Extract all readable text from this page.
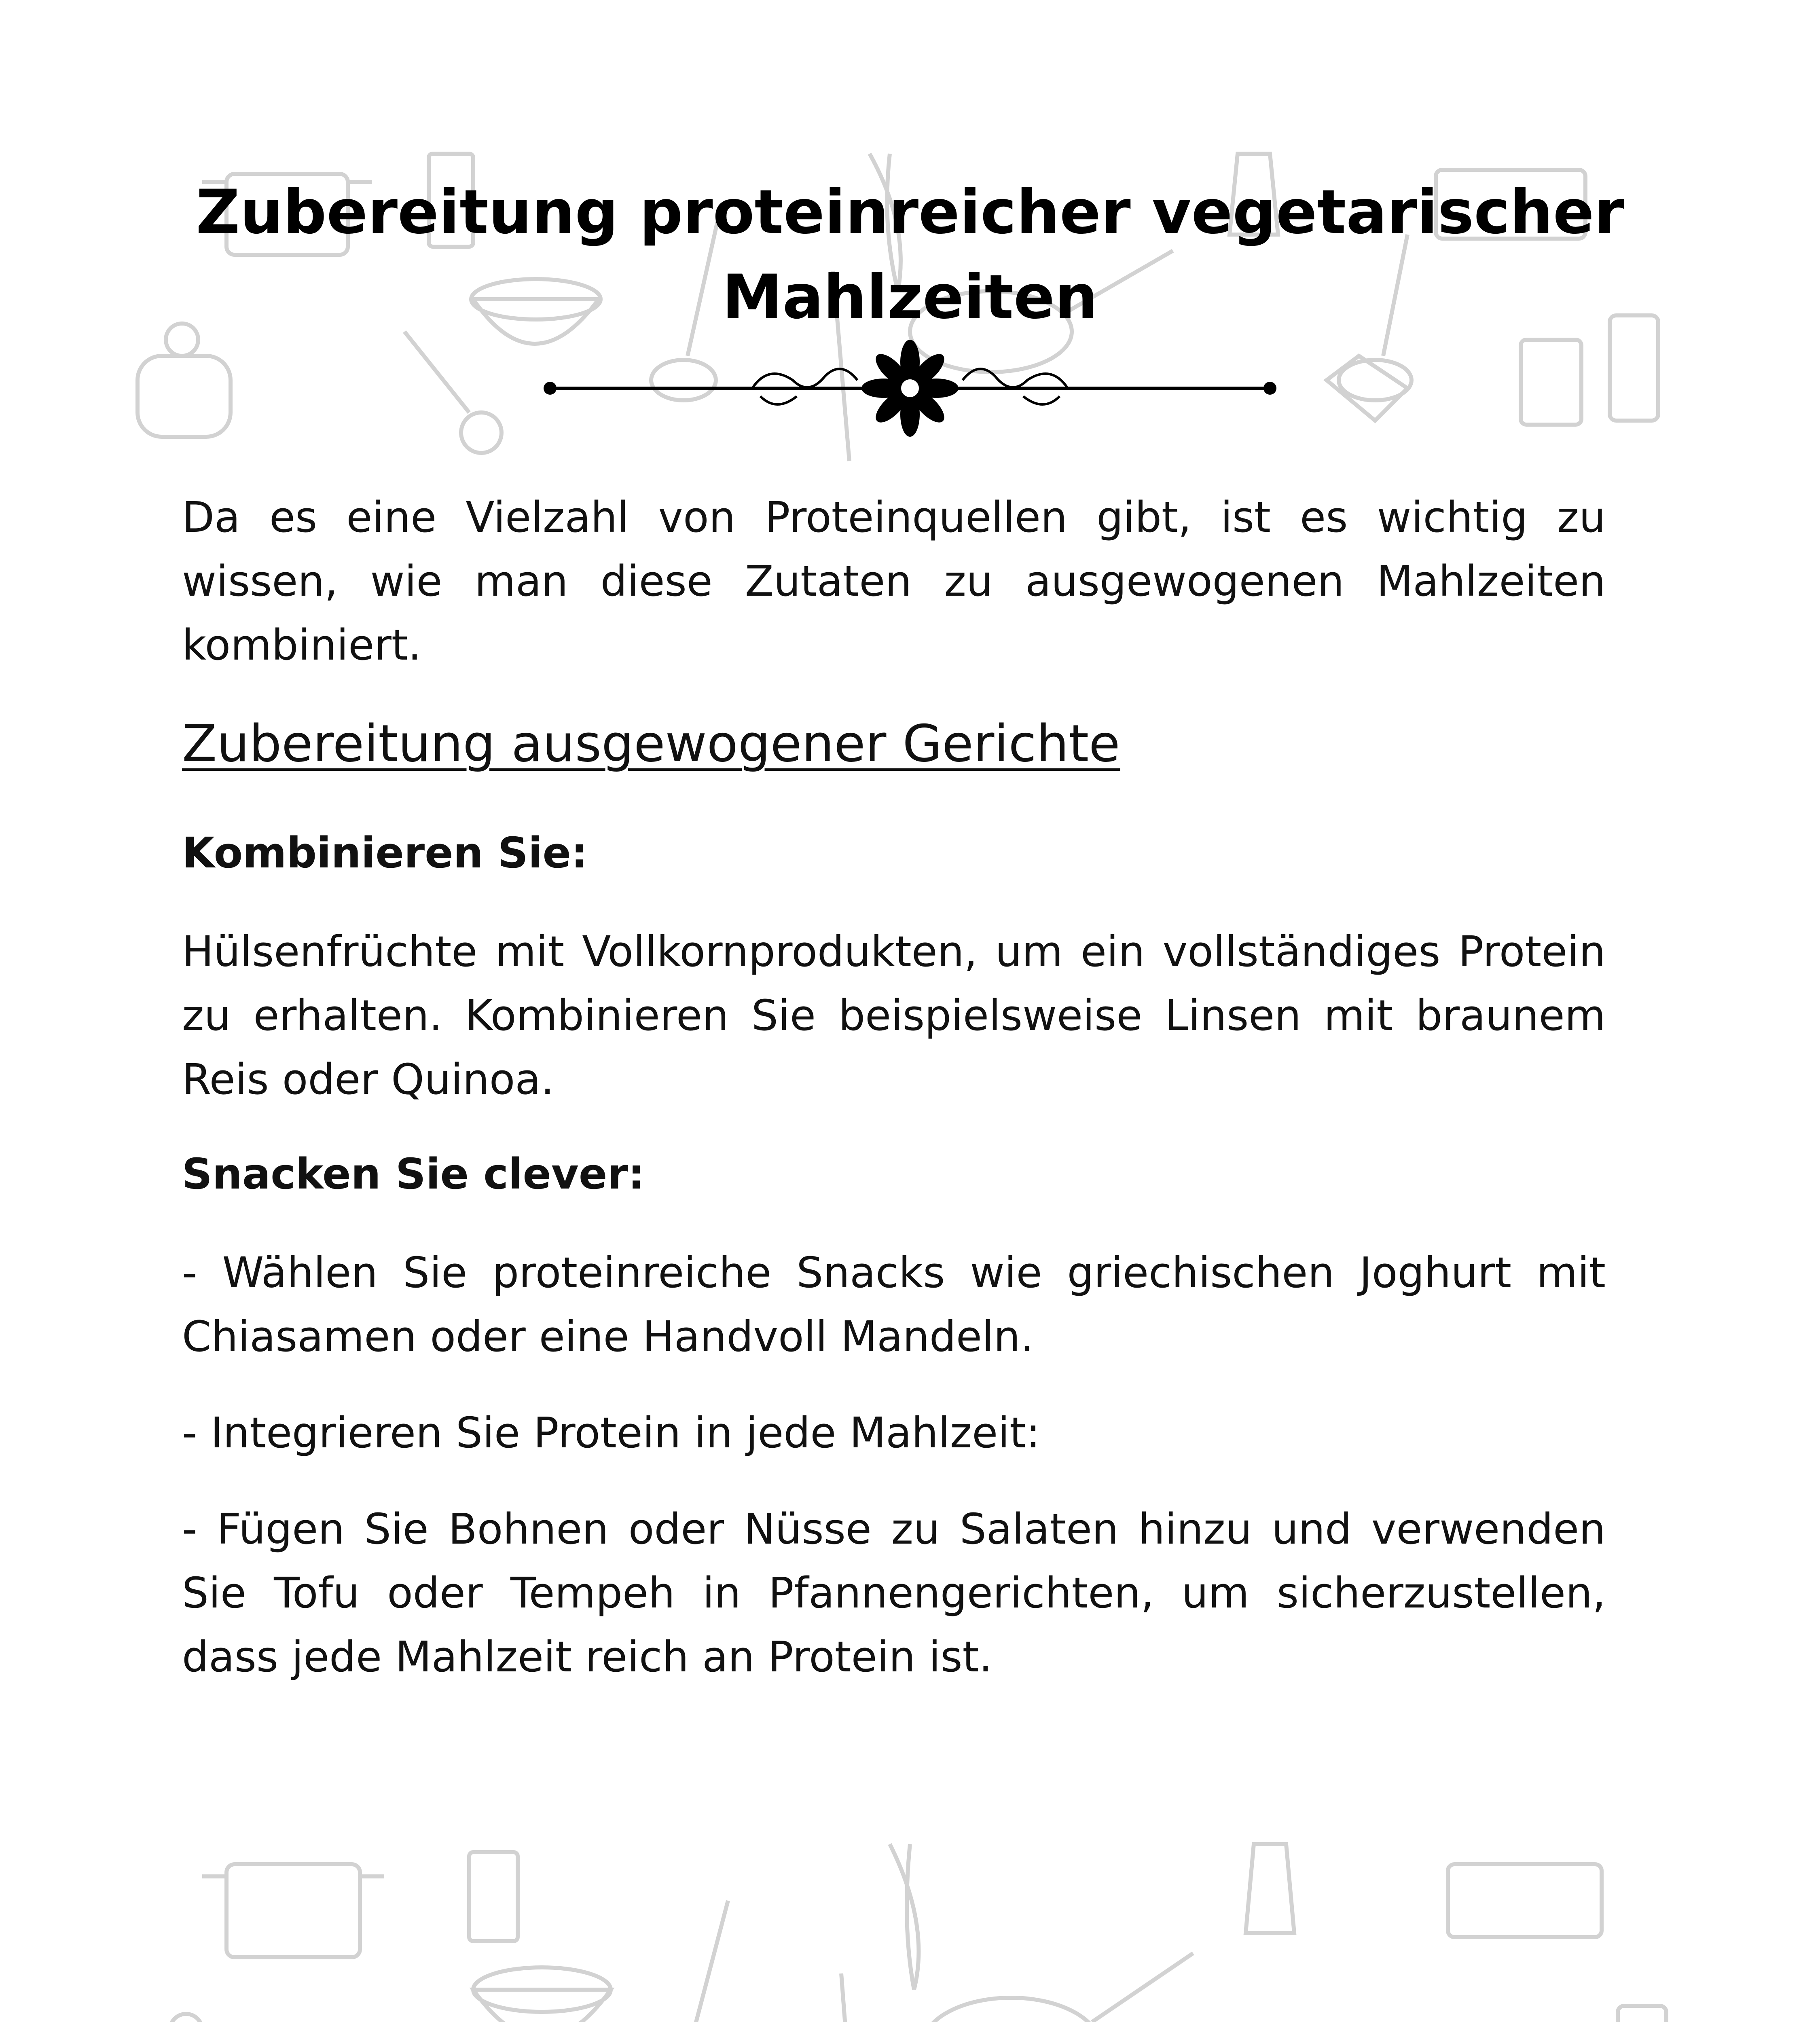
Zubereitung proteinreicher vegetarischer Mahlzeiten

Da es eine Vielzahl von Proteinquellen gibt, ist es wichtig zu wissen, wie man diese Zutaten zu ausgewogenen Mahlzeiten kombiniert.

Zubereitung ausgewogener Gerichte
Kombinieren Sie:

Hülsenfrüchte mit Vollkornprodukten, um ein vollständiges Protein zu erhalten. Kombinieren Sie beispielsweise Linsen mit braunem Reis oder Quinoa.

Snacken Sie clever:

- Wählen Sie proteinreiche Snacks wie griechischen Joghurt mit Chiasamen oder eine Handvoll Mandeln.

- Integrieren Sie Protein in jede Mahlzeit:

- Fügen Sie Bohnen oder Nüsse zu Salaten hinzu und verwenden Sie Tofu oder Tempeh in Pfannengerichten, um sicherzustellen, dass jede Mahlzeit reich an Protein ist.
